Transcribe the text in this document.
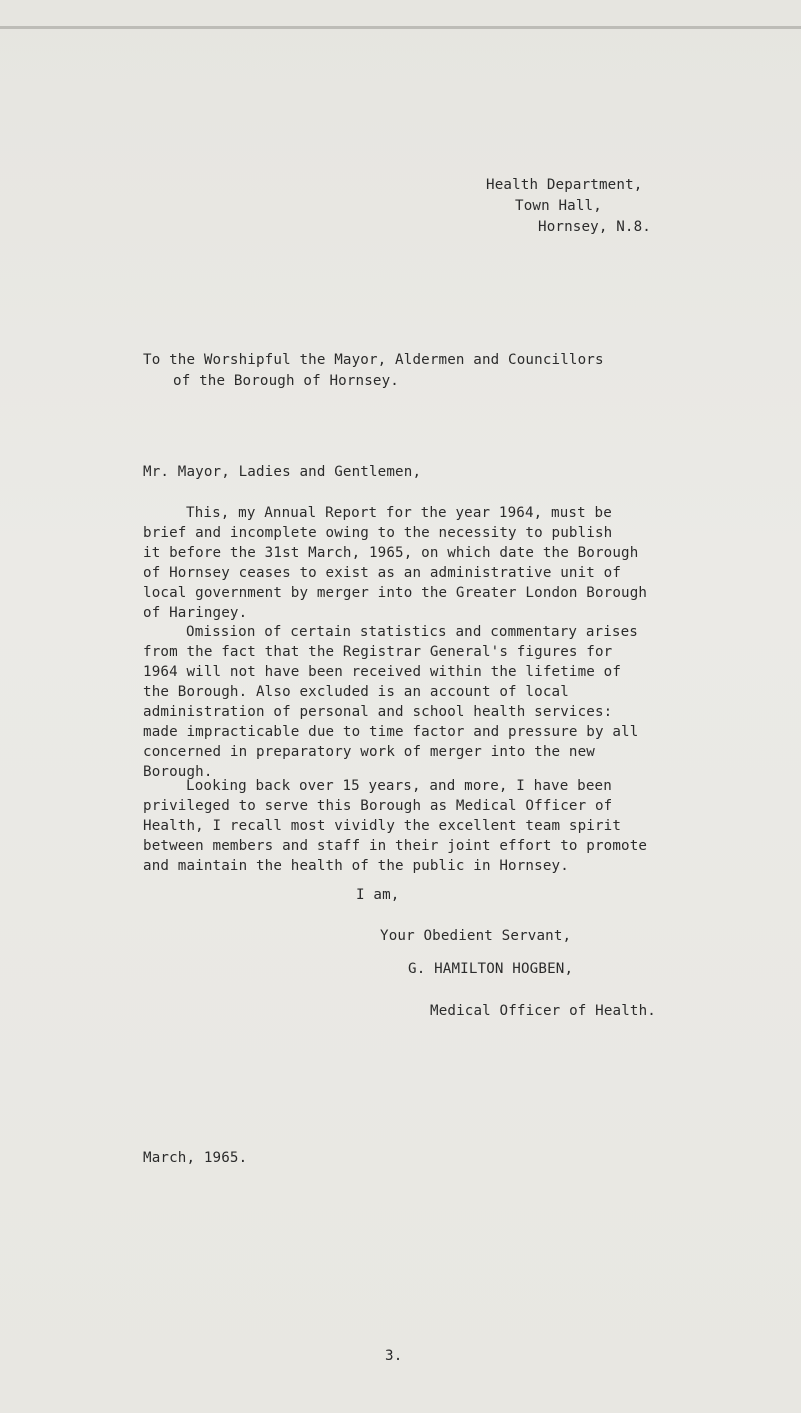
Health Department,
Town Hall,
Hornsey, N.8.
To the Worshipful the Mayor, Aldermen and Councillors
of the Borough of Hornsey.
Mr. Mayor, Ladies and Gentlemen,
This, my Annual Report for the year 1964, must be
brief and incomplete owing to the necessity to publish
it before the 31st March, 1965, on which date the Borough
of Hornsey ceases to exist as an administrative unit of
local government by merger into the Greater London Borough
of Haringey.
Omission of certain statistics and commentary arises
from the fact that the Registrar General's figures for
1964 will not have been received within the lifetime of
the Borough. Also excluded is an account of local
administration of personal and school health services:
made impracticable due to time factor and pressure by all
concerned in preparatory work of merger into the new
Borough.
Looking back over 15 years, and more, I have been
privileged to serve this Borough as Medical Officer of
Health, I recall most vividly the excellent team spirit
between members and staff in their joint effort to promote
and maintain the health of the public in Hornsey.
I am,
Your Obedient Servant,
G. HAMILTON HOGBEN,
Medical Officer of Health.
March, 1965.
3.
